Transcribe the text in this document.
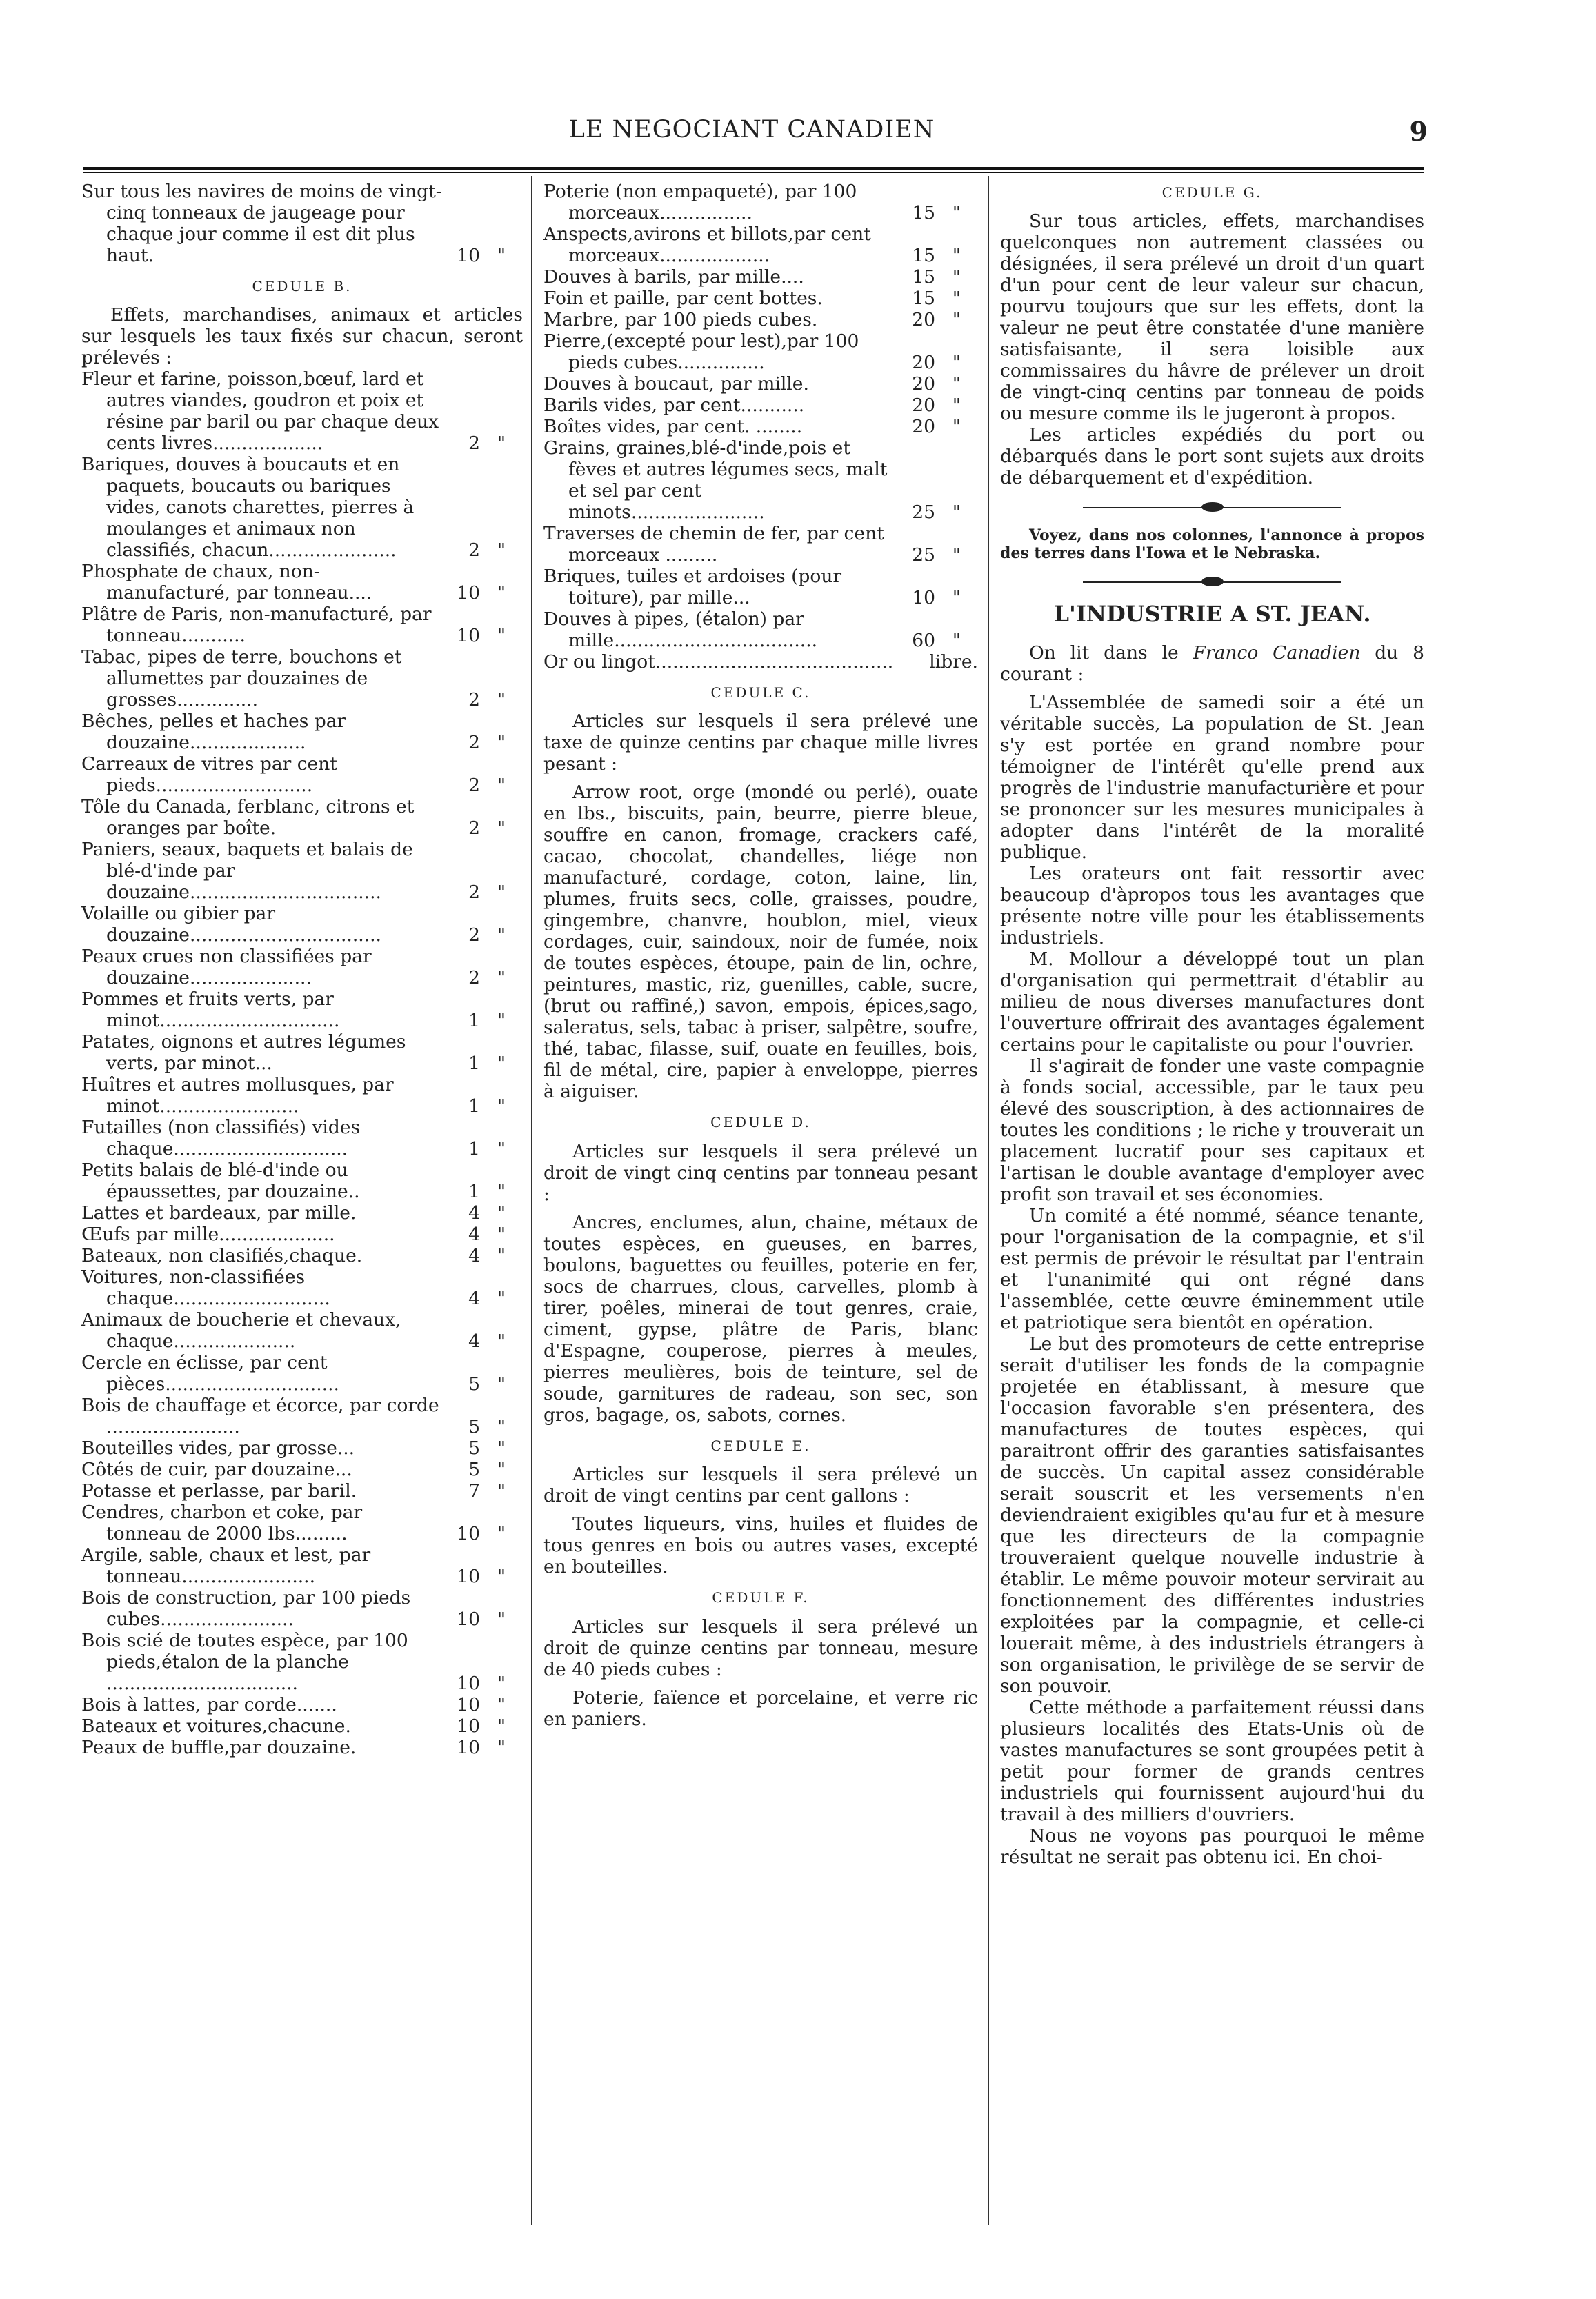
LE NEGOCIANT CANADIEN	9
Sur tous les navires de moins de vingt-cinq tonneaux de jaugeage pour chaque jour comme il est dit plus haut.	10 "
CEDULE B.

Effets, marchandises, animaux et articles sur lesquels les taux fixés sur chacun, seront prélevés :

Fleur et farine, poisson,bœuf, lard et autres viandes, goudron et poix et résine par baril ou par chaque deux cents livres...................	2 "
Bariques, douves à boucauts et en paquets, boucauts ou bariques vides, canots charettes, pierres à moulanges et animaux non classifiés, chacun......................	2 "
Phosphate de chaux, non-manufacturé, par tonneau....	10 "
Plâtre de Paris, non-manufacturé, par tonneau...........	10 "
Tabac, pipes de terre, bouchons et allumettes par douzaines de grosses..............	2 "
Bêches, pelles et haches par douzaine....................	2 "
Carreaux de vitres par cent pieds...........................	2 "
Tôle du Canada, ferblanc, citrons et oranges par boîte.	2 "
Paniers, seaux, baquets et balais de blé-d'inde par douzaine.................................	2 "
Volaille ou gibier par douzaine.................................	2 "
Peaux crues non classifiées par douzaine.....................	2 "
Pommes et fruits verts, par minot...............................	1 "
Patates, oignons et autres légumes verts, par minot...	1 "
Huîtres et autres mollusques, par minot........................	1 "
Futailles (non classifiés) vides chaque..............................	1 "
Petits balais de blé-d'inde ou épaussettes, par douzaine..	1 "
Lattes et bardeaux, par mille.	4 "
Œufs par mille....................	4 "
Bateaux, non clasifiés,chaque.	4 "
Voitures, non-classifiées chaque...........................	4 "
Animaux de boucherie et chevaux, chaque.....................	4 "
Cercle en éclisse, par cent pièces..............................	5 "
Bois de chauffage et écorce, par corde .......................	5 "
Bouteilles vides, par grosse...	5 "
Côtés de cuir, par douzaine...	5 "
Potasse et perlasse, par baril.	7 "
Cendres, charbon et coke, par tonneau de 2000 lbs.........	10 "
Argile, sable, chaux et lest, par tonneau.......................	10 "
Bois de construction, par 100 pieds cubes.......................	10 "
Bois scié de toutes espèce, par 100 pieds,étalon de la planche .................................	10 "
Bois à lattes, par corde.......	10 "
Bateaux et voitures,chacune.	10 "
Peaux de buffle,par douzaine.	10 "
Poterie (non empaqueté), par 100 morceaux................	15 "
Anspects,avirons et billots,par cent morceaux...................	15 "
Douves à barils, par mille....	15 "
Foin et paille, par cent bottes.	15 "
Marbre, par 100 pieds cubes.	20 "
Pierre,(excepté pour lest),par 100 pieds cubes...............	20 "
Douves à boucaut, par mille.	20 "
Barils vides, par cent...........	20 "
Boîtes vides, par cent. ........	20 "
Grains, graines,blé-d'inde,pois et fèves et autres légumes secs, malt et sel par cent minots.......................	25 "
Traverses de chemin de fer, par cent morceaux .........	25 "
Briques, tuiles et ardoises (pour toiture), par mille...	10 "
Douves à pipes, (étalon) par mille...................................	60 "
Or ou lingot.........................................	libre.
CEDULE C.

Articles sur lesquels il sera prélevé une taxe de quinze centins par chaque mille livres pesant :

Arrow root, orge (mondé ou perlé), ouate en lbs., biscuits, pain, beurre, pierre bleue, souffre en canon, fromage, crackers café, cacao, chocolat, chandelles, liége non manufacturé, cordage, coton, laine, lin, plumes, fruits secs, colle, graisses, poudre, gingembre, chanvre, houblon, miel, vieux cordages, cuir, saindoux, noir de fumée, noix de toutes espèces, étoupe, pain de lin, ochre, peintures, mastic, riz, guenilles, cable, sucre, (brut ou raffiné,) savon, empois, épices,sago, saleratus, sels, tabac à priser, salpêtre, soufre, thé, tabac, filasse, suif, ouate en feuilles, bois, fil de métal, cire, papier à enveloppe, pierres à aiguiser.

CEDULE D.

Articles sur lesquels il sera prélevé un droit de vingt cinq centins par tonneau pesant :

Ancres, enclumes, alun, chaine, métaux de toutes espèces, en gueuses, en barres, boulons, baguettes ou feuilles, poterie en fer, socs de charrues, clous, carvelles, plomb à tirer, poêles, minerai de tout genres, craie, ciment, gypse, plâtre de Paris, blanc d'Espagne, couperose, pierres à meules, pierres meulières, bois de teinture, sel de soude, garnitures de radeau, son sec, son gros, bagage, os, sabots, cornes.

CEDULE E.

Articles sur lesquels il sera prélevé un droit de vingt centins par cent gallons :

Toutes liqueurs, vins, huiles et fluides de tous genres en bois ou autres vases, excepté en bouteilles.

CEDULE F.

Articles sur lesquels il sera prélevé un droit de quinze centins par tonneau, mesure de 40 pieds cubes :

Poterie, faïence et porcelaine, et verre ric en paniers.

CEDULE G.

Sur tous articles, effets, marchandises quelconques non autrement classées ou désignées, il sera prélevé un droit d'un quart d'un pour cent de leur valeur sur chacun, pourvu toujours que sur les effets, dont la valeur ne peut être constatée d'une manière satisfaisante, il sera loisible aux commissaires du hâvre de prélever un droit de vingt-cinq centins par tonneau de poids ou mesure comme ils le jugeront à propos.

Les articles expédiés du port ou débarqués dans le port sont sujets aux droits de débarquement et d'expédition.

Voyez, dans nos colonnes, l'annonce à propos des terres dans l'Iowa et le Nebraska.

L'INDUSTRIE A ST. JEAN.

On lit dans le Franco Canadien du 8 courant :

L'Assemblée de samedi soir a été un véritable succès, La population de St. Jean s'y est portée en grand nombre pour témoigner de l'intérêt qu'elle prend aux progrès de l'industrie manufacturière et pour se prononcer sur les mesures municipales à adopter dans l'intérêt de la moralité publique.

Les orateurs ont fait ressortir avec beaucoup d'àpropos tous les avantages que présente notre ville pour les établissements industriels.

M. Mollour a développé tout un plan d'organisation qui permettrait d'établir au milieu de nous diverses manufactures dont l'ouverture offrirait des avantages également certains pour le capitaliste ou pour l'ouvrier.

Il s'agirait de fonder une vaste compagnie à fonds social, accessible, par le taux peu élevé des souscription, à des actionnaires de toutes les conditions ; le riche y trouverait un placement lucratif pour ses capitaux et l'artisan le double avantage d'employer avec profit son travail et ses économies.

Un comité a été nommé, séance tenante, pour l'organisation de la compagnie, et s'il est permis de prévoir le résultat par l'entrain et l'unanimité qui ont régné dans l'assemblée, cette œuvre éminemment utile et patriotique sera bientôt en opération.

Le but des promoteurs de cette entreprise serait d'utiliser les fonds de la compagnie projetée en établissant, à mesure que l'occasion favorable s'en présentera, des manufactures de toutes espèces, qui paraitront offrir des garanties satisfaisantes de succès. Un capital assez considérable serait souscrit et les versements n'en deviendraient exigibles qu'au fur et à mesure que les directeurs de la compagnie trouveraient quelque nouvelle industrie à établir. Le même pouvoir moteur servirait au fonctionnement des différentes industries exploitées par la compagnie, et celle-ci louerait même, à des industriels étrangers à son organisation, le privilège de se servir de son pouvoir.

Cette méthode a parfaitement réussi dans plusieurs localités des Etats-Unis où de vastes manufactures se sont groupées petit à petit pour former de grands centres industriels qui fournissent aujourd'hui du travail à des milliers d'ouvriers.

Nous ne voyons pas pourquoi le même résultat ne serait pas obtenu ici. En choi-
